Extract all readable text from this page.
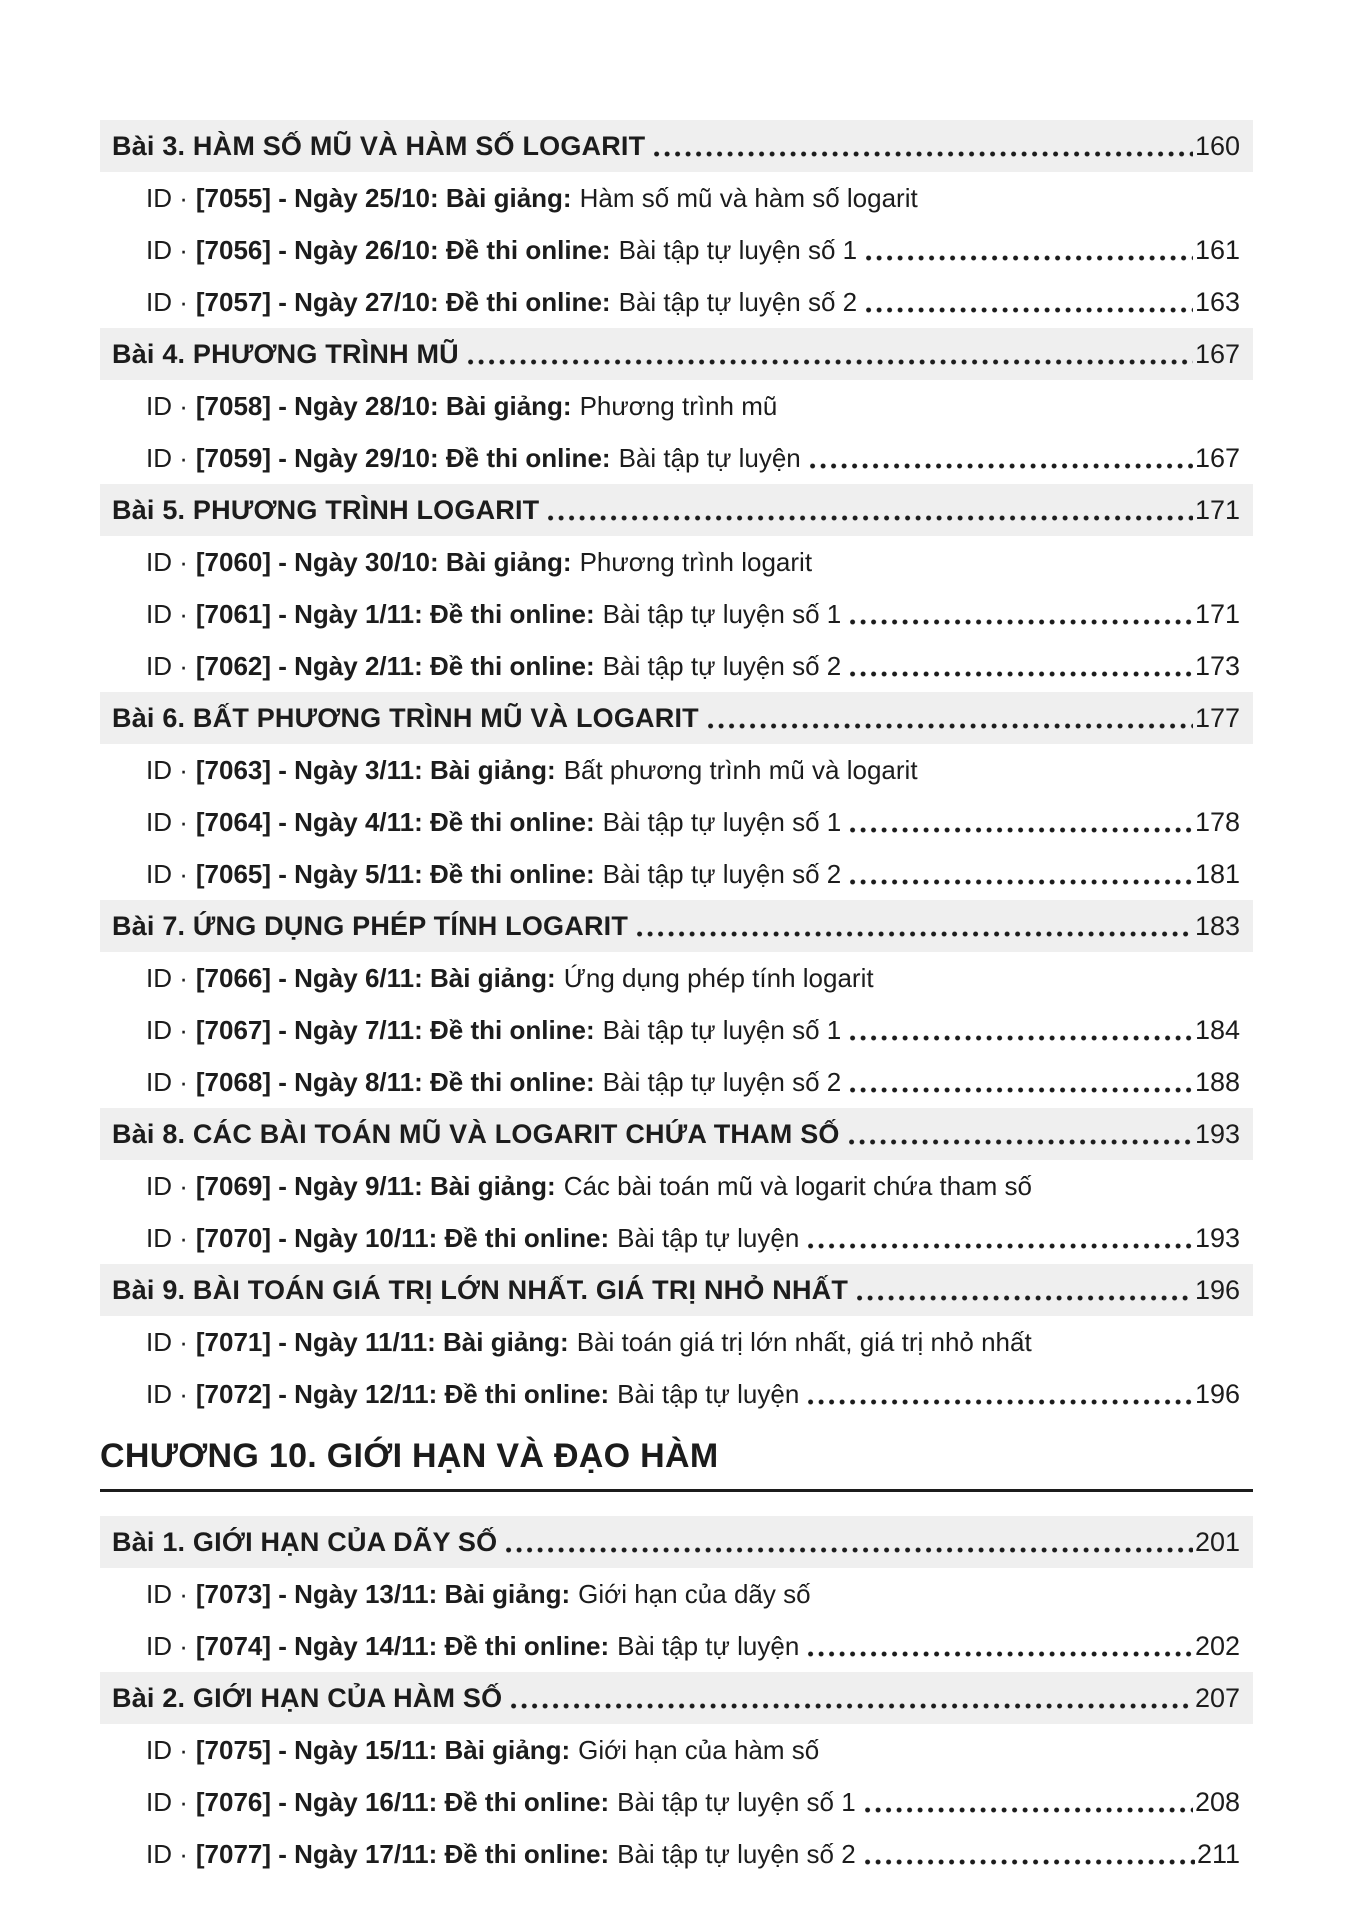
Bài 3. HÀM SỐ MŨ VÀ HÀM SỐ LOGARIT	160
ID · [7055] - Ngày 25/10: Bài giảng: Hàm số mũ và hàm số logarit
ID · [7056] - Ngày 26/10: Đề thi online: Bài tập tự luyện số 1	161
ID · [7057] - Ngày 27/10: Đề thi online: Bài tập tự luyện số 2	163
Bài 4. PHƯƠNG TRÌNH MŨ	167
ID · [7058] - Ngày 28/10: Bài giảng: Phương trình mũ
ID · [7059] - Ngày 29/10: Đề thi online: Bài tập tự luyện	167
Bài 5. PHƯƠNG TRÌNH LOGARIT	171
ID · [7060] - Ngày 30/10: Bài giảng: Phương trình logarit
ID · [7061] - Ngày 1/11: Đề thi online: Bài tập tự luyện số 1	171
ID · [7062] - Ngày 2/11: Đề thi online: Bài tập tự luyện số 2	173
Bài 6. BẤT PHƯƠNG TRÌNH MŨ VÀ LOGARIT	177
ID · [7063] - Ngày 3/11: Bài giảng: Bất phương trình mũ và logarit
ID · [7064] - Ngày 4/11: Đề thi online: Bài tập tự luyện số 1	178
ID · [7065] - Ngày 5/11: Đề thi online: Bài tập tự luyện số 2	181
Bài 7. ỨNG DỤNG PHÉP TÍNH LOGARIT	183
ID · [7066] - Ngày 6/11: Bài giảng: Ứng dụng phép tính logarit
ID · [7067] - Ngày 7/11: Đề thi online: Bài tập tự luyện số 1	184
ID · [7068] - Ngày 8/11: Đề thi online: Bài tập tự luyện số 2	188
Bài 8. CÁC BÀI TOÁN MŨ VÀ LOGARIT CHỨA THAM SỐ	193
ID · [7069] - Ngày 9/11: Bài giảng: Các bài toán mũ và logarit chứa tham số
ID · [7070] - Ngày 10/11: Đề thi online: Bài tập tự luyện	193
Bài 9. BÀI TOÁN GIÁ TRỊ LỚN NHẤT. GIÁ TRỊ NHỎ NHẤT	196
ID · [7071] - Ngày 11/11: Bài giảng: Bài toán giá trị lớn nhất, giá trị nhỏ nhất
ID · [7072] - Ngày 12/11: Đề thi online: Bài tập tự luyện	196
CHƯƠNG 10. GIỚI HẠN VÀ ĐẠO HÀM
Bài 1. GIỚI HẠN CỦA DÃY SỐ	201
ID · [7073] - Ngày 13/11: Bài giảng: Giới hạn của dãy số
ID · [7074] - Ngày 14/11: Đề thi online: Bài tập tự luyện	202
Bài 2. GIỚI HẠN CỦA HÀM SỐ	207
ID · [7075] - Ngày 15/11: Bài giảng: Giới hạn của hàm số
ID · [7076] - Ngày 16/11: Đề thi online: Bài tập tự luyện số 1	208
ID · [7077] - Ngày 17/11: Đề thi online: Bài tập tự luyện số 2	211
